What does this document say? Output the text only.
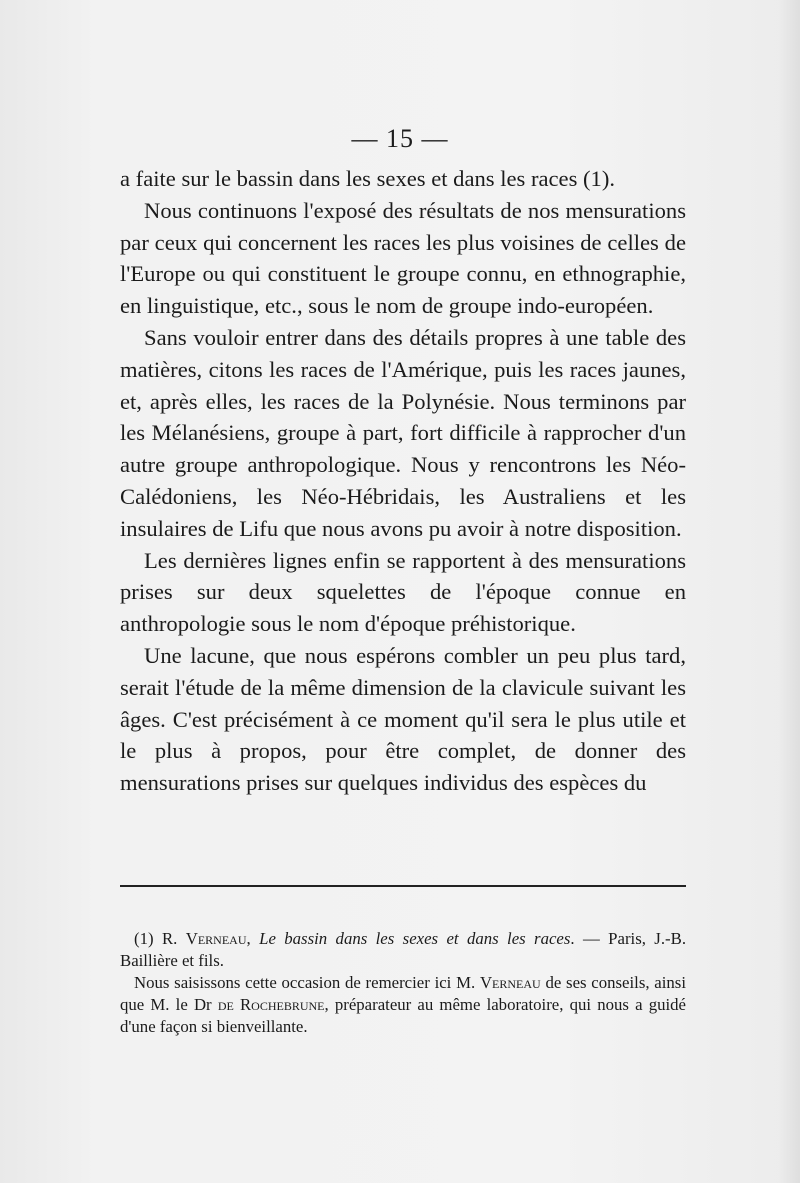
— 15 —

a faite sur le bassin dans les sexes et dans les races (1).

Nous continuons l'exposé des résultats de nos mensurations par ceux qui concernent les races les plus voisines de celles de l'Europe ou qui constituent le groupe connu, en ethnographie, en linguistique, etc., sous le nom de groupe indo-européen.

Sans vouloir entrer dans des détails propres à une table des matières, citons les races de l'Amérique, puis les races jaunes, et, après elles, les races de la Polynésie. Nous terminons par les Mélanésiens, groupe à part, fort difficile à rapprocher d'un autre groupe anthropologique. Nous y rencontrons les Néo-Calédoniens, les Néo-Hébridais, les Australiens et les insulaires de Lifu que nous avons pu avoir à notre disposition.

Les dernières lignes enfin se rapportent à des mensurations prises sur deux squelettes de l'époque connue en anthropologie sous le nom d'époque préhistorique.

Une lacune, que nous espérons combler un peu plus tard, serait l'étude de la même dimension de la clavicule suivant les âges. C'est précisément à ce moment qu'il sera le plus utile et le plus à propos, pour être complet, de donner des mensurations prises sur quelques individus des espèces du

(1) R. Verneau, Le bassin dans les sexes et dans les races. — Paris, J.-B. Baillière et fils.

Nous saisissons cette occasion de remercier ici M. Verneau de ses conseils, ainsi que M. le Dr de Rochebrune, préparateur au même laboratoire, qui nous a guidé d'une façon si bienveillante.
